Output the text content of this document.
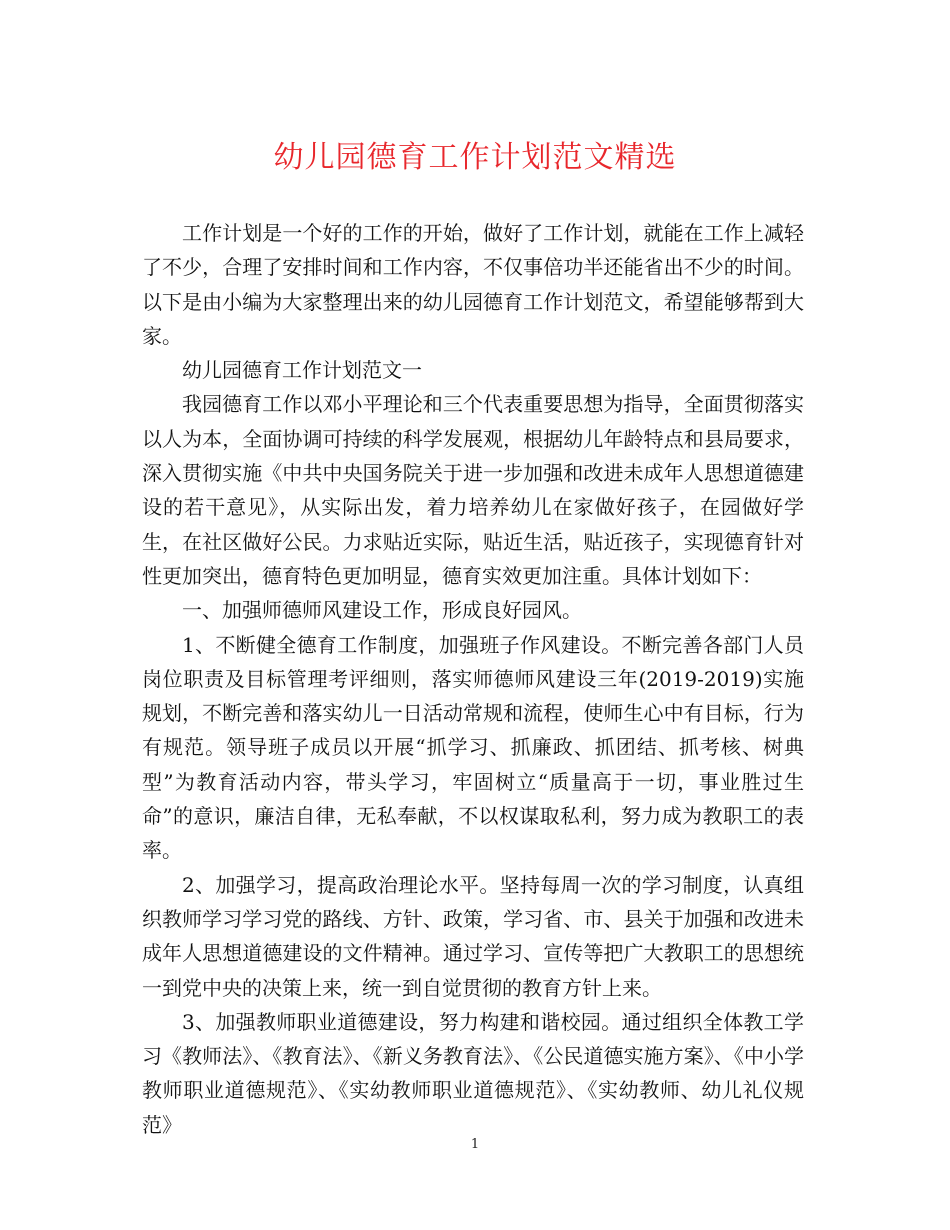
幼儿园德育工作计划范文精选

工作计划是一个好的工作的开始，做好了工作计划，就能在工作上减轻了不少，合理了安排时间和工作内容，不仅事倍功半还能省出不少的时间。以下是由小编为大家整理出来的幼儿园德育工作计划范文，希望能够帮到大家。

幼儿园德育工作计划范文一

我园德育工作以邓小平理论和三个代表重要思想为指导，全面贯彻落实以人为本，全面协调可持续的科学发展观，根据幼儿年龄特点和县局要求，深入贯彻实施《中共中央国务院关于进一步加强和改进未成年人思想道德建设的若干意见》，从实际出发，着力培养幼儿在家做好孩子，在园做好学生，在社区做好公民。力求贴近实际，贴近生活，贴近孩子，实现德育针对性更加突出，德育特色更加明显，德育实效更加注重。具体计划如下：

一、加强师德师风建设工作，形成良好园风。

1、不断健全德育工作制度，加强班子作风建设。不断完善各部门人员岗位职责及目标管理考评细则，落实师德师风建设三年(2019-2019)实施规划，不断完善和落实幼儿一日活动常规和流程，使师生心中有目标，行为有规范。领导班子成员以开展“抓学习、抓廉政、抓团结、抓考核、树典型”为教育活动内容，带头学习，牢固树立“质量高于一切，事业胜过生命”的意识，廉洁自律，无私奉献，不以权谋取私利，努力成为教职工的表率。

2、加强学习，提高政治理论水平。坚持每周一次的学习制度，认真组织教师学习学习党的路线、方针、政策，学习省、市、县关于加强和改进未成年人思想道德建设的文件精神。通过学习、宣传等把广大教职工的思想统一到党中央的决策上来，统一到自觉贯彻的教育方针上来。

3、加强教师职业道德建设，努力构建和谐校园。通过组织全体教工学习《教师法》、《教育法》、《新义务教育法》、《公民道德实施方案》、《中小学教师职业道德规范》、《实幼教师职业道德规范》、《实幼教师、幼儿礼仪规范》

1
